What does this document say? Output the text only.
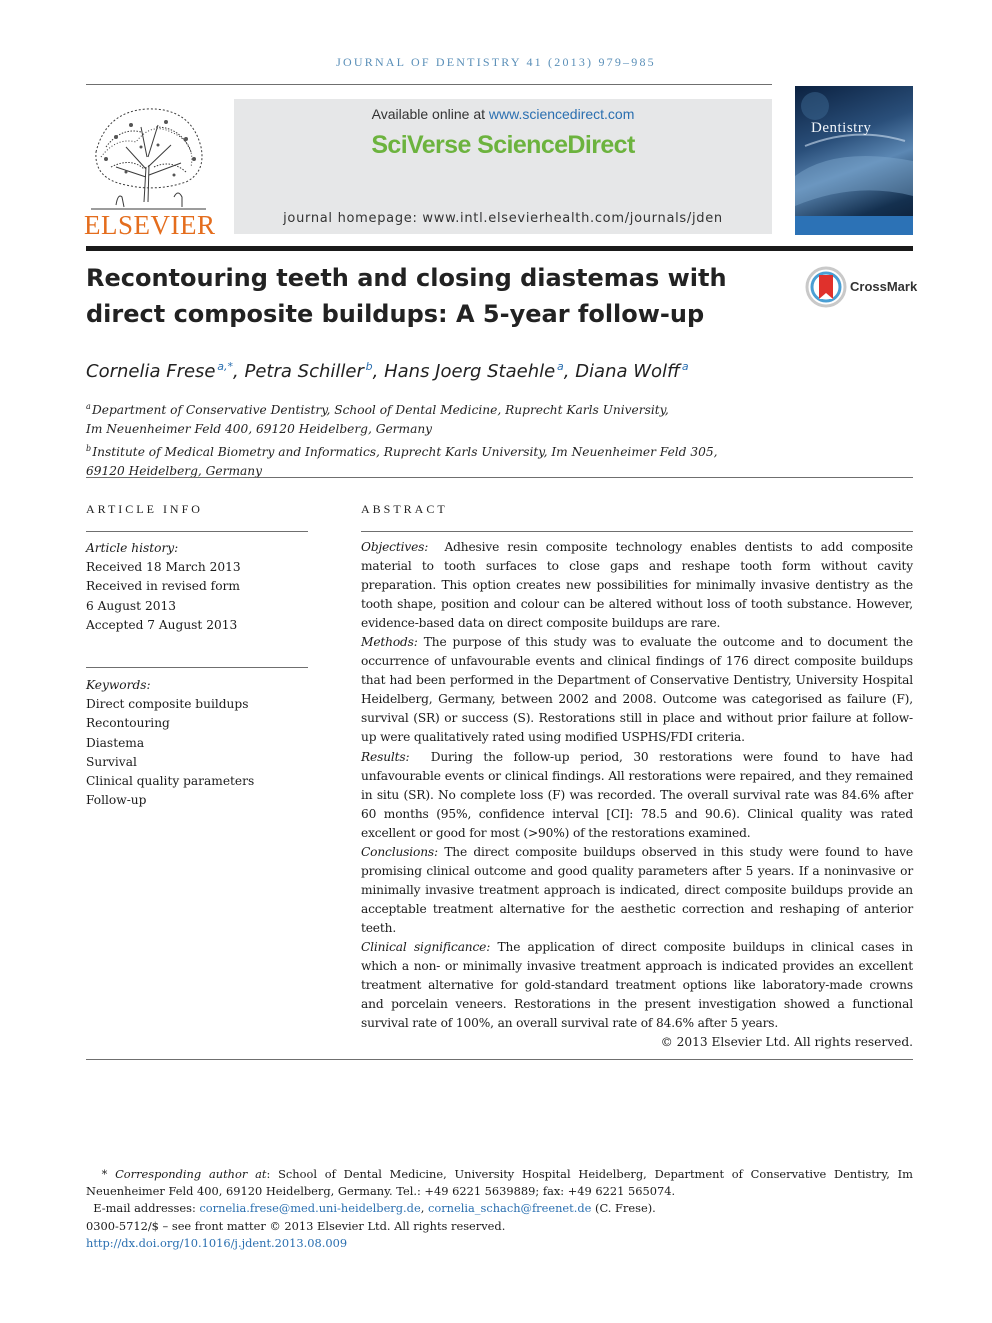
JOURNAL OF DENTISTRY 41 (2013) 979–985
ELSEVIER
Available online at www.sciencedirect.com
SciVerse ScienceDirect
journal homepage: www.intl.elsevierhealth.com/journals/jden
Dentistry
Recontouring teeth and closing diastemas with direct composite buildups: A 5-year follow-up
CrossMark
Cornelia Frese  $^{a,*}$, Petra Schiller  $^b$, Hans Joerg Staehle  $^a$, Diana Wolff  $^a$
$^a$ Department of Conservative Dentistry, School of Dental Medicine, Ruprecht Karls University,
Im Neuenheimer Feld 400, 69120 Heidelberg, Germany
$^b$ Institute of Medical Biometry and Informatics, Ruprecht Karls University, Im Neuenheimer Feld 305,
69120 Heidelberg, Germany
ARTICLE INFO
Article history:
Received 18 March 2013
Received in revised form
6 August 2013
Accepted 7 August 2013
Keywords:
Direct composite buildups
Recontouring
Diastema
Survival
Clinical quality parameters
Follow-up
ABSTRACT

Objectives: Adhesive resin composite technology enables dentists to add composite material to tooth surfaces to close gaps and reshape tooth form without cavity preparation. This option creates new possibilities for minimally invasive dentistry as the tooth shape, position and colour can be altered without loss of tooth substance. However, evidence-based data on direct composite buildups are rare.

Methods: The purpose of this study was to evaluate the outcome and to document the occurrence of unfavourable events and clinical findings of 176 direct composite buildups that had been performed in the Department of Conservative Dentistry, University Hospital Heidelberg, Germany, between 2002 and 2008. Outcome was categorised as failure (F), survival (SR) or success (S). Restorations still in place and without prior failure at follow-up were qualitatively rated using modified USPHS/FDI criteria.

Results: During the follow-up period, 30 restorations were found to have had unfavourable events or clinical findings. All restorations were repaired, and they remained in situ (SR). No complete loss (F) was recorded. The overall survival rate was 84.6% after 60 months (95%, confidence interval [CI]: 78.5 and 90.6). Clinical quality was rated excellent or good for most (>90%) of the restorations examined.

Conclusions: The direct composite buildups observed in this study were found to have promising clinical outcome and good quality parameters after 5 years. If a noninvasive or minimally invasive treatment approach is indicated, direct composite buildups provide an acceptable treatment alternative for the aesthetic correction and reshaping of anterior teeth.

Clinical significance: The application of direct composite buildups in clinical cases in which a non- or minimally invasive treatment approach is indicated provides an excellent treatment alternative for gold-standard treatment options like laboratory-made crowns and porcelain veneers. Restorations in the present investigation showed a functional survival rate of 100%, an overall survival rate of 84.6% after 5 years.

© 2013 Elsevier Ltd. All rights reserved.

* Corresponding author at: School of Dental Medicine, University Hospital Heidelberg, Department of Conservative Dentistry, Im Neuenheimer Feld 400, 69120 Heidelberg, Germany. Tel.: +49 6221 5639889; fax: +49 6221 565074.

E-mail addresses: cornelia.frese@med.uni-heidelberg.de, cornelia_schach@freenet.de (C. Frese).

0300-5712/$ – see front matter © 2013 Elsevier Ltd. All rights reserved.

http://dx.doi.org/10.1016/j.jdent.2013.08.009
